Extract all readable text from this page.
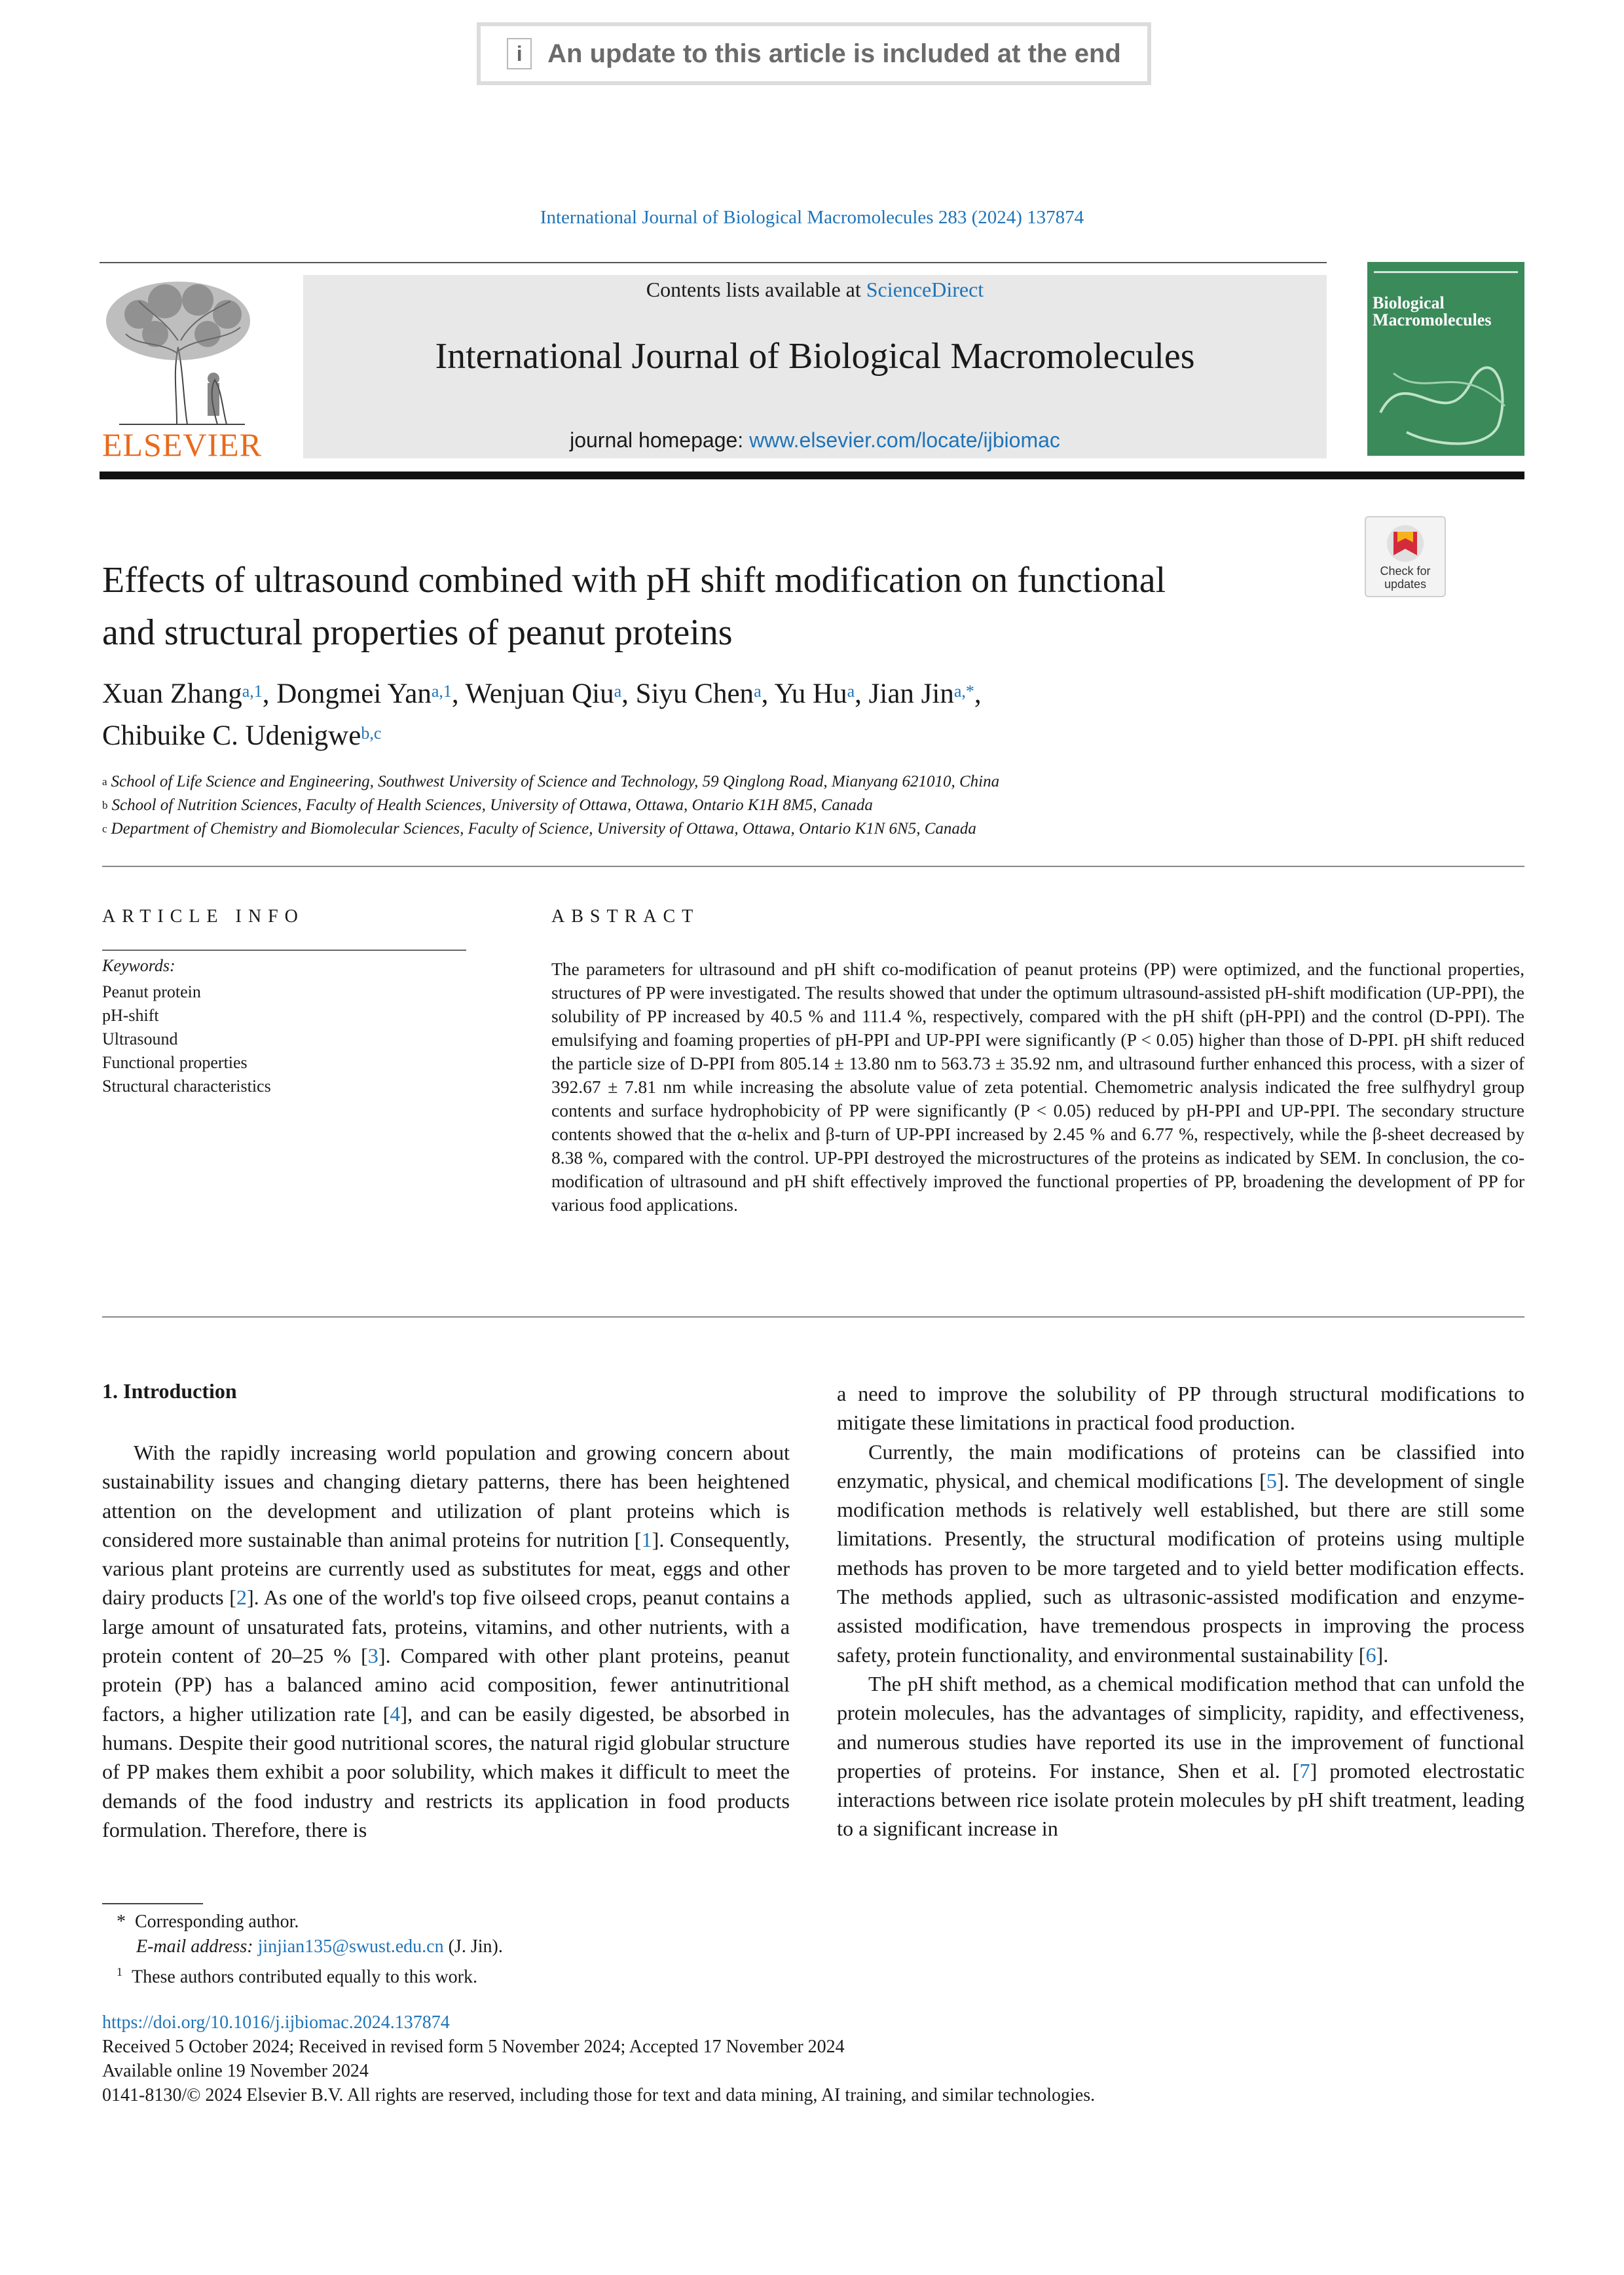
i An update to this article is included at the end
International Journal of Biological Macromolecules 283 (2024) 137874
ELSEVIER
Contents lists available at ScienceDirect
International Journal of Biological Macromolecules
journal homepage: www.elsevier.com/locate/ijbiomac
Biological
Macromolecules
Check for
updates
Effects of ultrasound combined with pH shift modification on functional
and structural properties of peanut proteins
Xuan Zhang$^{a,1}$, Dongmei Yan$^{a,1}$, Wenjuan Qiu$^a$, Siyu Chen$^a$, Yu Hu$^a$, Jian Jin$^{a,*}$,
Chibuike C. Udenigwe$^{b,c}$
$^a$ School of Life Science and Engineering, Southwest University of Science and Technology, 59 Qinglong Road, Mianyang 621010, China
$^b$ School of Nutrition Sciences, Faculty of Health Sciences, University of Ottawa, Ottawa, Ontario K1H 8M5, Canada
$^c$ Department of Chemistry and Biomolecular Sciences, Faculty of Science, University of Ottawa, Ottawa, Ontario K1N 6N5, Canada
ARTICLE INFO
Keywords:
Peanut protein
pH-shift
Ultrasound
Functional properties
Structural characteristics
ABSTRACT
The parameters for ultrasound and pH shift co-modification of peanut proteins (PP) were optimized, and the functional properties, structures of PP were investigated. The results showed that under the optimum ultrasound-assisted pH-shift modification (UP-PPI), the solubility of PP increased by 40.5 % and 111.4 %, respectively, compared with the pH shift (pH-PPI) and the control (D-PPI). The emulsifying and foaming properties of pH-PPI and UP-PPI were significantly (P < 0.05) higher than those of D-PPI. pH shift reduced the particle size of D-PPI from 805.14 ± 13.80 nm to 563.73 ± 35.92 nm, and ultrasound further enhanced this process, with a sizer of 392.67 ± 7.81 nm while increasing the absolute value of zeta potential. Chemometric analysis indicated the free sulfhydryl group contents and surface hydrophobicity of PP were significantly (P < 0.05) reduced by pH-PPI and UP-PPI. The secondary structure contents showed that the α-helix and β-turn of UP-PPI increased by 2.45 % and 6.77 %, respectively, while the β-sheet decreased by 8.38 %, compared with the control. UP-PPI destroyed the microstructures of the proteins as indicated by SEM. In conclusion, the co-modification of ultrasound and pH shift effectively improved the functional properties of PP, broadening the development of PP for various food applications.
1. Introduction

With the rapidly increasing world population and growing concern about sustainability issues and changing dietary patterns, there has been heightened attention on the development and utilization of plant proteins which is considered more sustainable than animal proteins for nutrition [1]. Consequently, various plant proteins are currently used as substitutes for meat, eggs and other dairy products [2]. As one of the world's top five oilseed crops, peanut contains a large amount of unsaturated fats, proteins, vitamins, and other nutrients, with a protein content of 20–25 % [3]. Compared with other plant proteins, peanut protein (PP) has a balanced amino acid composition, fewer antinutritional factors, a higher utilization rate [4], and can be easily digested, be absorbed in humans. Despite their good nutritional scores, the natural rigid globular structure of PP makes them exhibit a poor solubility, which makes it difficult to meet the demands of the food industry and restricts its application in food products formulation. Therefore, there is

a need to improve the solubility of PP through structural modifications to mitigate these limitations in practical food production.

Currently, the main modifications of proteins can be classified into enzymatic, physical, and chemical modifications [5]. The development of single modification methods is relatively well established, but there are still some limitations. Presently, the structural modification of proteins using multiple methods has proven to be more targeted and to yield better modification effects. The methods applied, such as ultrasonic-assisted modification and enzyme-assisted modification, have tremendous prospects in improving the process safety, protein functionality, and environmental sustainability [6].

The pH shift method, as a chemical modification method that can unfold the protein molecules, has the advantages of simplicity, rapidity, and effectiveness, and numerous studies have reported its use in the improvement of functional properties of proteins. For instance, Shen et al. [7] promoted electrostatic interactions between rice isolate protein molecules by pH shift treatment, leading to a significant increase in

* Corresponding author.
E-mail address: jinjian135@swust.edu.cn (J. Jin).
$^1$ These authors contributed equally to this work.
https://doi.org/10.1016/j.ijbiomac.2024.137874
Received 5 October 2024; Received in revised form 5 November 2024; Accepted 17 November 2024
Available online 19 November 2024
0141-8130/© 2024 Elsevier B.V. All rights are reserved, including those for text and data mining, AI training, and similar technologies.
